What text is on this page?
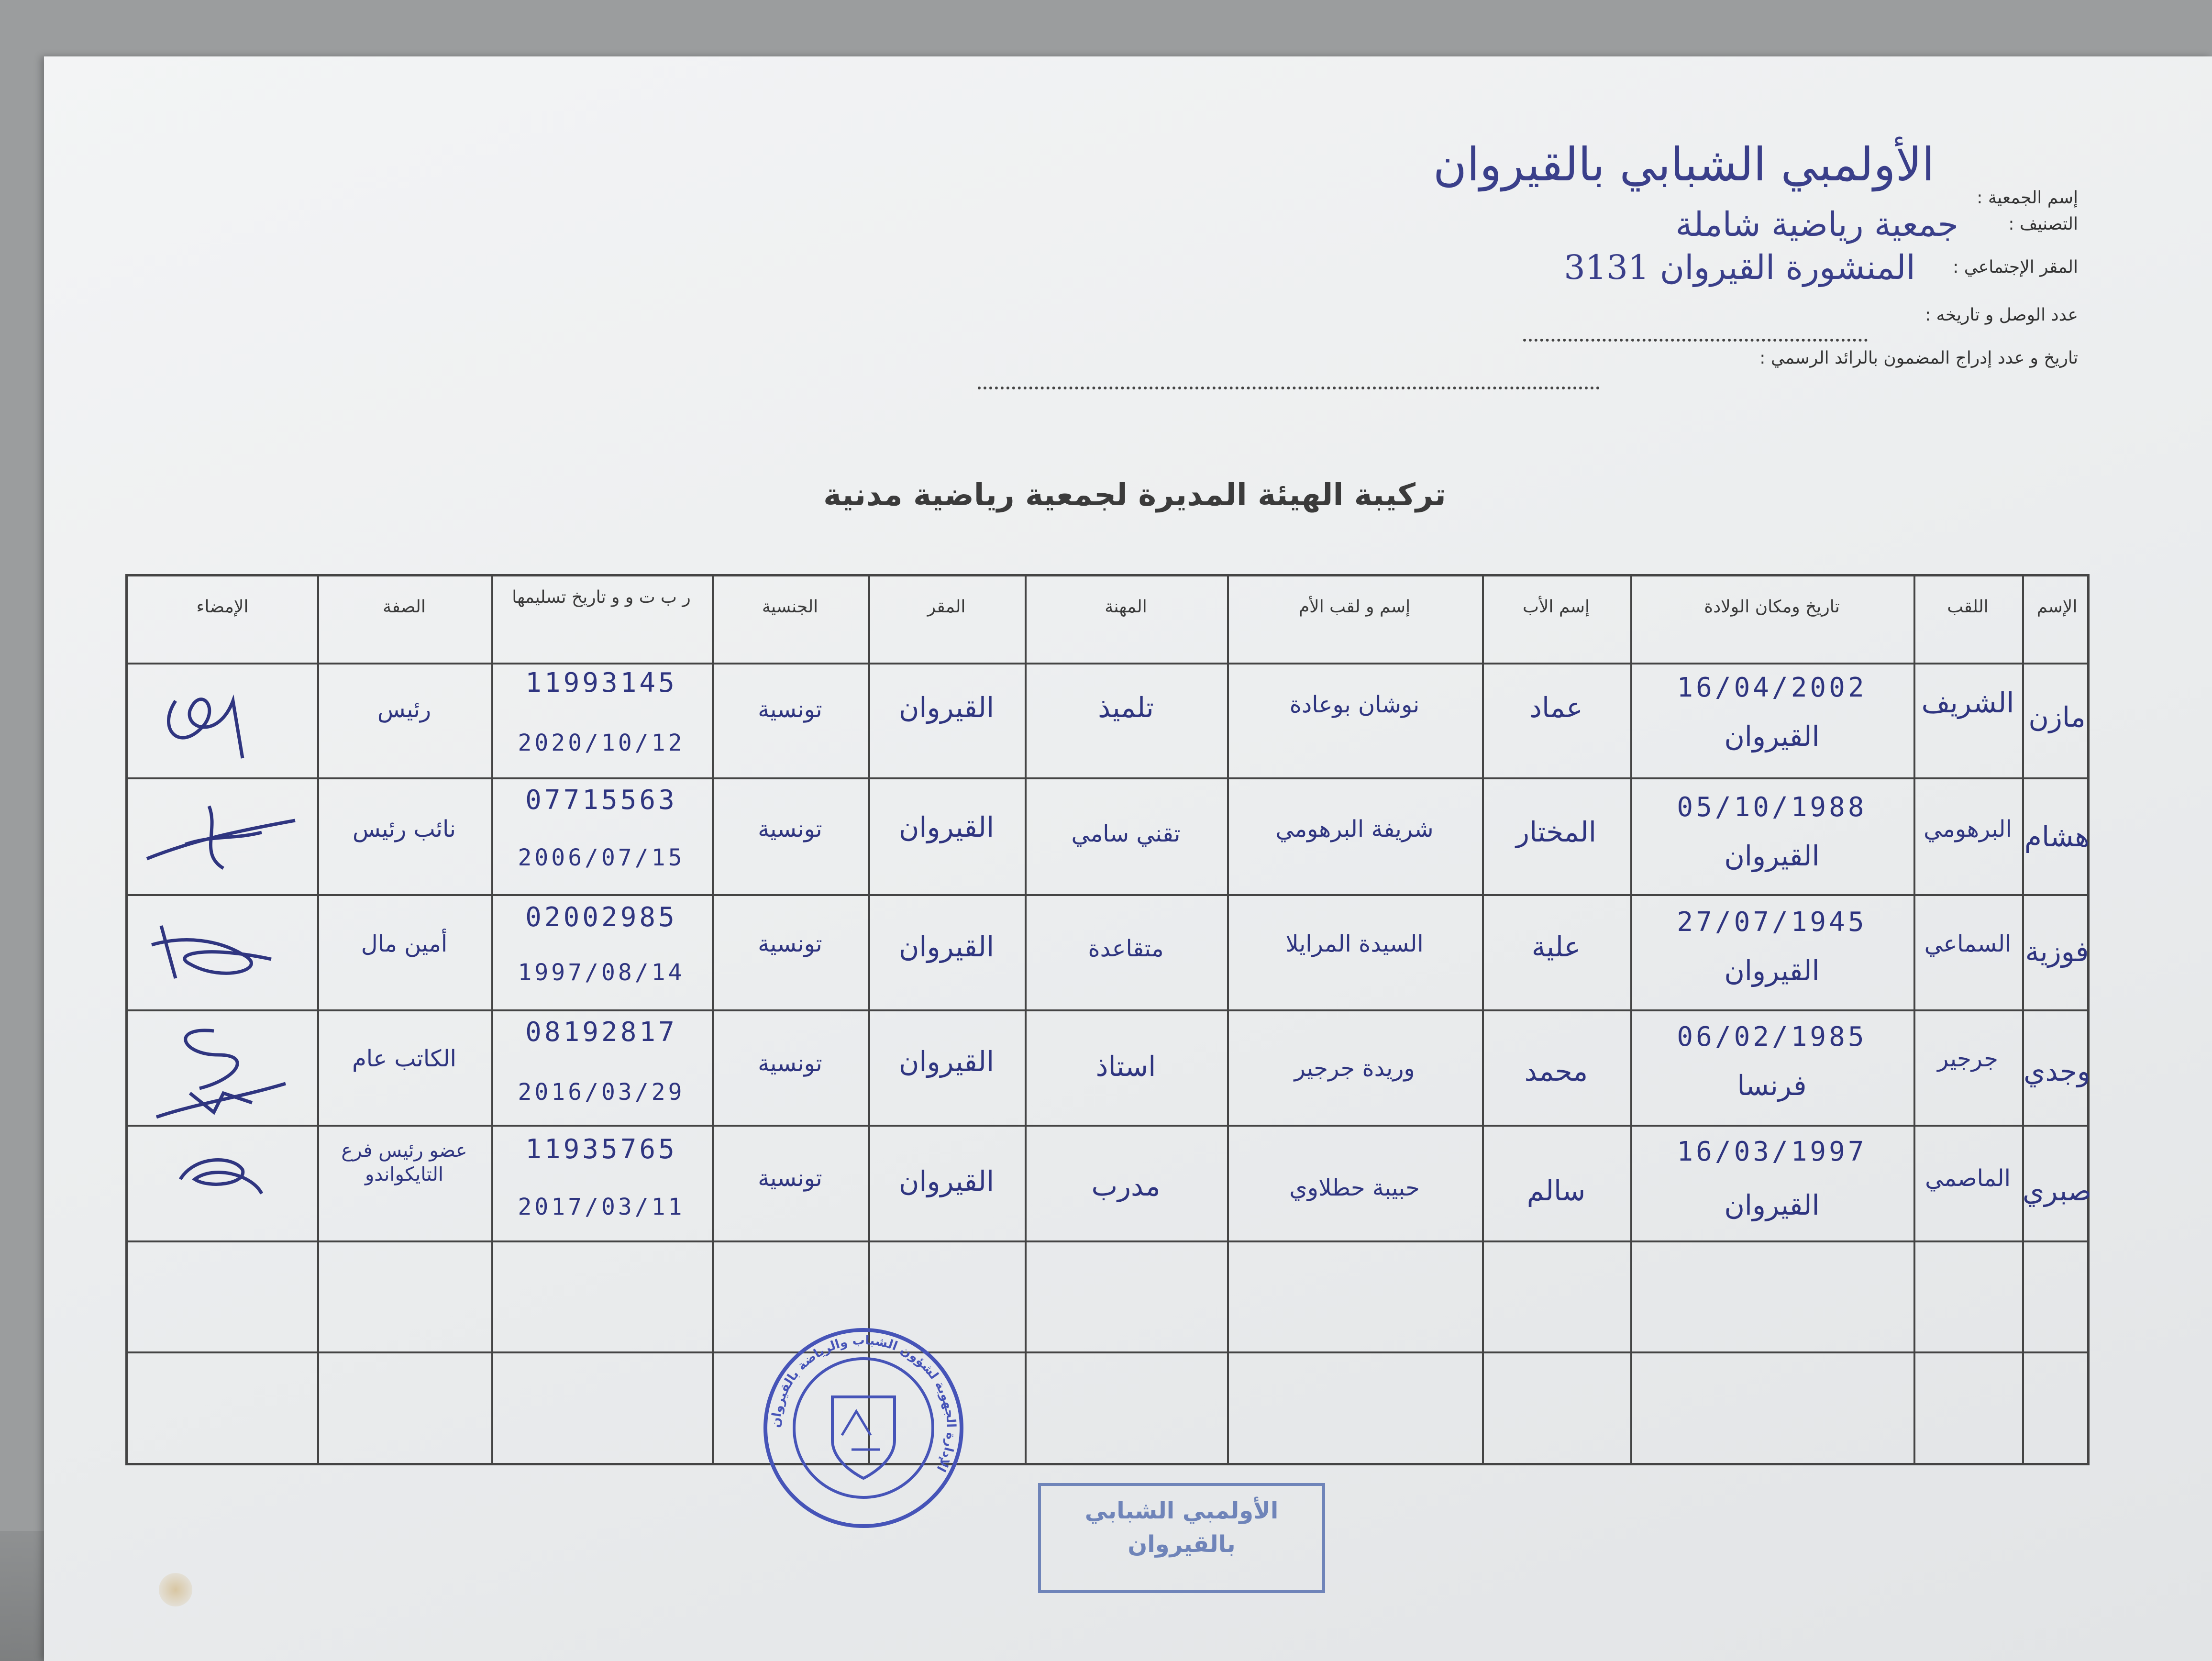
إسم الجمعية :
الأولمبي الشبابي بالقيروان
التصنيف :
جمعية رياضية شاملة
المقر الإجتماعي :
المنشورة القيروان 3131
عدد الوصل و تاريخه :
تاريخ و عدد إدراج المضمون بالرائد الرسمي :
تركيبة الهيئة المديرة لجمعية رياضية مدنية
الإسم
اللقب
تاريخ ومكان الولادة
إسم الأب
إسم و لقب الأم
المهنة
المقر
الجنسية
ر ب ت و و تاريخ تسليمها
الصفة
الإمضاء
مازن
الشريف
16/04/2002
القيروان
عماد
نوشان بوعادة
تلميذ
القيروان
تونسية
11993145
2020/10/12
رئيس
هشام
البرهومي
05/10/1988
القيروان
المختار
شريفة البرهومي
تقني سامي
القيروان
تونسية
07715563
2006/07/15
نائب رئيس
فوزية
السماعي
27/07/1945
القيروان
علية
السيدة المرايلا
متقاعدة
القيروان
تونسية
02002985
1997/08/14
أمين مال
وجدي
جرجير
06/02/1985
فرنسا
محمد
وريدة جرجير
استاذ
القيروان
تونسية
08192817
2016/03/29
الكاتب عام
صبري
الماصمي
16/03/1997
القيروان
سالم
حبيبة حطلاوي
مدرب
القيروان
تونسية
11935765
2017/03/11
عضو رئيس فرع التايكواندو
الإدارة الجهوية لشؤون الشباب والرياضة بالقيروان
الأولمبي الشبابي
بالقيروان
